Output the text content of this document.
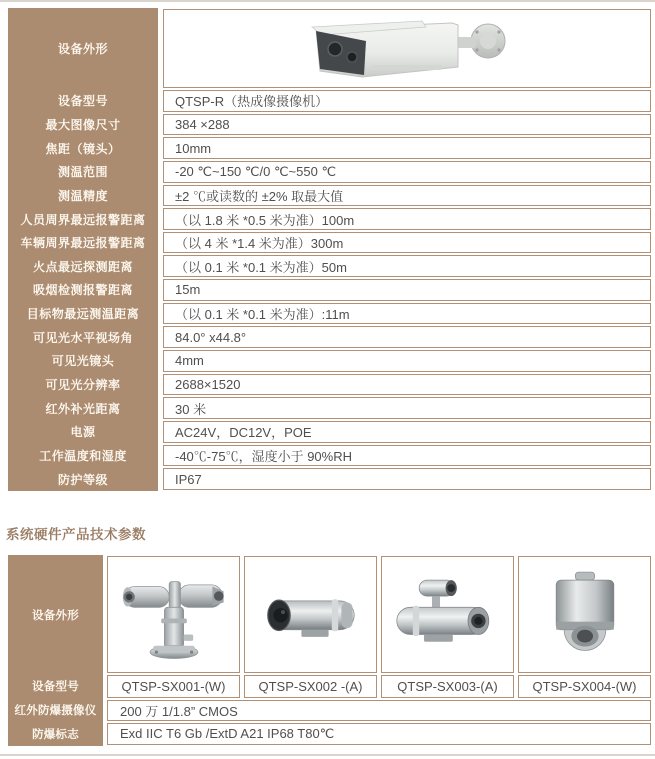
设备外形
设备型号	QTSP-R（热成像摄像机）
最大图像尺寸	384 ×288
焦距（镜头）	10mm
测温范围	-20 ℃~150 ℃/0 ℃~550 ℃
测温精度	±2 ℃或读数的 ±2% 取最大值
人员周界最远报警距离	（以 1.8 米 *0.5 米为准）100m
车辆周界最远报警距离	（以 4 米 *1.4 米为准）300m
火点最远探测距离	（以 0.1 米 *0.1 米为准）50m
吸烟检测报警距离	15m
目标物最远测温距离	（以 0.1 米 *0.1 米为准）:11m
可见光水平视场角	84.0° x44.8°
可见光镜头	4mm
可见光分辨率	2688×1520
红外补光距离	30 米
电源	AC24V，DC12V，POE
工作温度和湿度	-40℃-75℃，湿度小于 90%RH
防护等级	IP67
系统硬件产品技术参数
设备外形
设备型号	QTSP-SX001-(W)	QTSP-SX002 -(A)	QTSP-SX003-(A)	QTSP-SX004-(W)
红外防爆摄像仪	200 万 1/1.8” CMOS
防爆标志	Exd IIC T6 Gb /ExtD A21 IP68 T80℃
